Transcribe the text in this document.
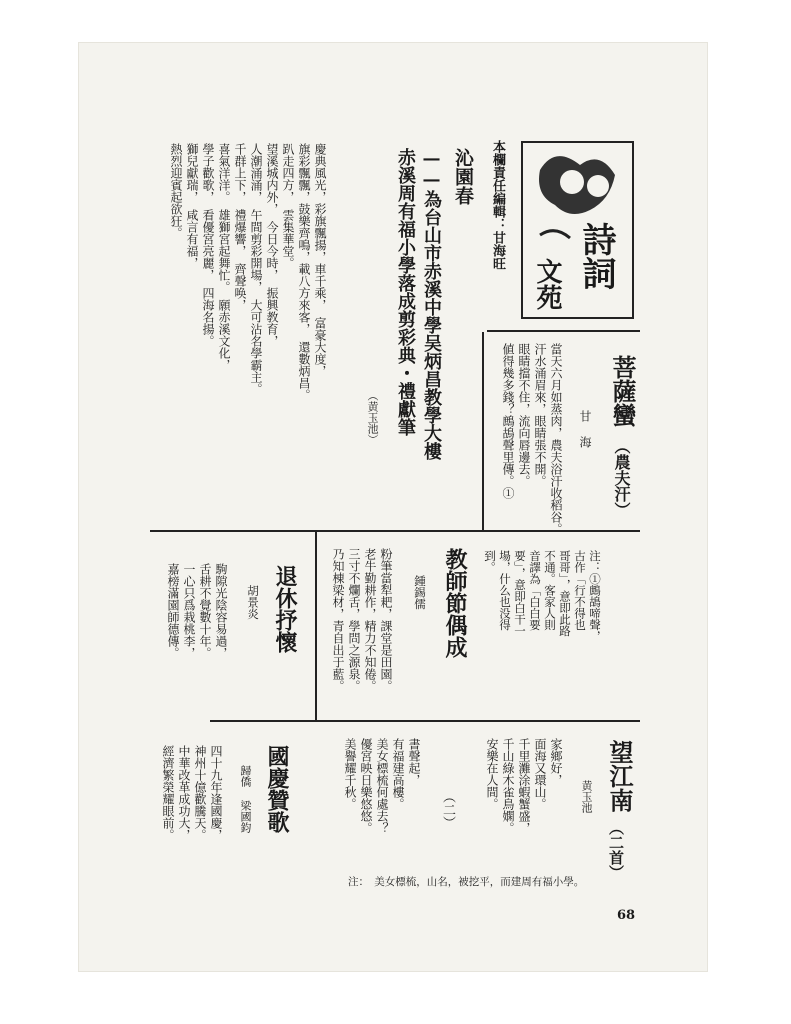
詩詞
文苑
本欄責任編輯：甘海旺
菩薩蠻
（農夫汗）
甘 海
當天六月如蒸肉，農夫浴汗收稻谷。
汗水涌眉來，眼睛張不開。
眼睛擋不住，流向唇邊去。
値得幾多錢？鷓鴣聲里傳。①
注：①鷓鴣啼聲，
古作「行不得也
哥哥」，意即此路
不通。客家人則
音譯為「白白要
要」，意即白干一
場，什么也没得
到。
沁園春
——為台山市赤溪中學吴炳昌教學大樓
赤溪周有福小學落成剪彩典・禮獻筆
（黄玉池）
慶典風光，彩旗飄揚，車千乘，　富豪大度，
旗彩飄飄，鼓樂齊鳴，載八方來客，　還數炳昌。
趴走四方，　雲集華堂。
望溪城内外，　今日今時，　振興教育，
人潮涌涌，　午間剪彩開場，　大可沾名學霸主。
千群上下，　禮爆響，　齊聲唤，
喜氣洋洋。　雄獅宮起舞忙。　願赤溪文化，
學子歡歌，　看優宮亮麗，　四海名揚。
獅兒獻瑞，　咸言有福，
熱烈迎賓起欲狂。
教師節偶成
鍾錫儒
粉筆當犁耙，課堂是田園。
老牛勤耕作，精力不知倦。
三寸不爛舌，學問之源泉。
乃知棟梁材，青自出于藍。
退休抒懷
胡景炎
駒隙光陰容易過，
舌耕不覺數十年。
一心只爲栽桃李，
嘉榜滿園師德傳。
望江南
（二首）
黄玉池
家鄉好，
面海又環山。
千里灘涂蝦蟹盛，
千山綠木雀鳥嫻。
安樂在人間。
（二）
書聲起，
有福建高樓。
美女標梳何處去？
優宮映日樂悠悠。
美譽耀千秋。
注：　美女標梳，山名，被挖平，而建周有福小學。
國慶贊歌
歸僑 梁國鈞
四十九年逢國慶，
神州十億歡騰天。
中華改革成功大，
經濟繁榮耀眼前。
68
